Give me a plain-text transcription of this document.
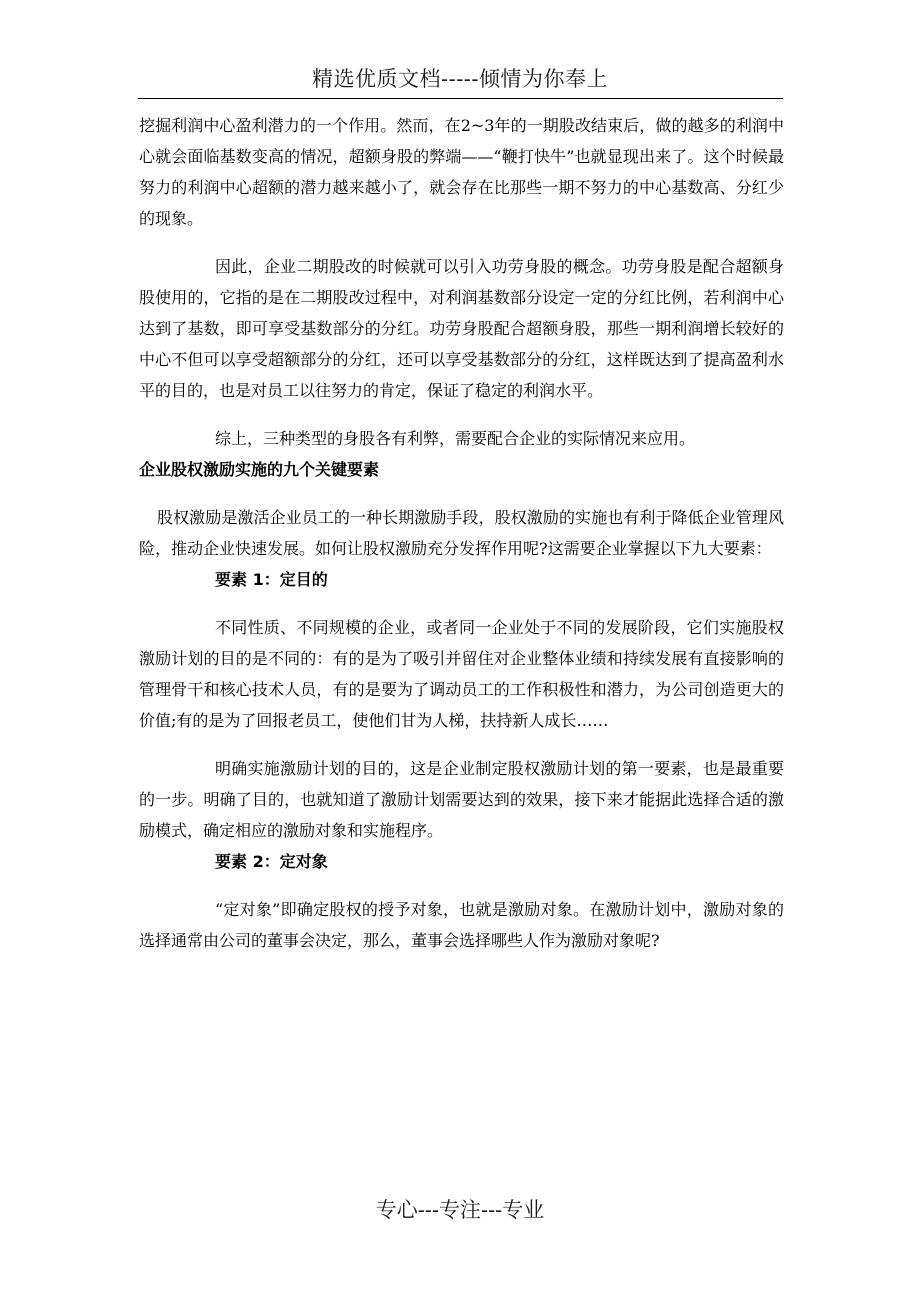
精选优质文档-----倾情为你奉上

挖掘利润中心盈利潜力的一个作用。然而，在2~3年的一期股改结束后，做的越多的利润中心就会面临基数变高的情况，超额身股的弊端——“鞭打快牛”也就显现出来了。这个时候最努力的利润中心超额的潜力越来越小了，就会存在比那些一期不努力的中心基数高、分红少的现象。

因此，企业二期股改的时候就可以引入功劳身股的概念。功劳身股是配合超额身股使用的，它指的是在二期股改过程中，对利润基数部分设定一定的分红比例，若利润中心达到了基数，即可享受基数部分的分红。功劳身股配合超额身股，那些一期利润增长较好的中心不但可以享受超额部分的分红，还可以享受基数部分的分红，这样既达到了提高盈利水平的目的，也是对员工以往努力的肯定，保证了稳定的利润水平。

综上，三种类型的身股各有利弊，需要配合企业的实际情况来应用。

企业股权激励实施的九个关键要素

股权激励是激活企业员工的一种长期激励手段，股权激励的实施也有利于降低企业管理风险，推动企业快速发展。如何让股权激励充分发挥作用呢?这需要企业掌握以下九大要素：

要素 1：定目的

不同性质、不同规模的企业，或者同一企业处于不同的发展阶段，它们实施股权激励计划的目的是不同的：有的是为了吸引并留住对企业整体业绩和持续发展有直接影响的管理骨干和核心技术人员，有的是要为了调动员工的工作积极性和潜力，为公司创造更大的价值;有的是为了回报老员工，使他们甘为人梯，扶持新人成长……

明确实施激励计划的目的，这是企业制定股权激励计划的第一要素，也是最重要的一步。明确了目的，也就知道了激励计划需要达到的效果，接下来才能据此选择合适的激励模式，确定相应的激励对象和实施程序。

要素 2：定对象

“定对象”即确定股权的授予对象，也就是激励对象。在激励计划中，激励对象的选择通常由公司的董事会决定，那么，董事会选择哪些人作为激励对象呢?

专心---专注---专业
